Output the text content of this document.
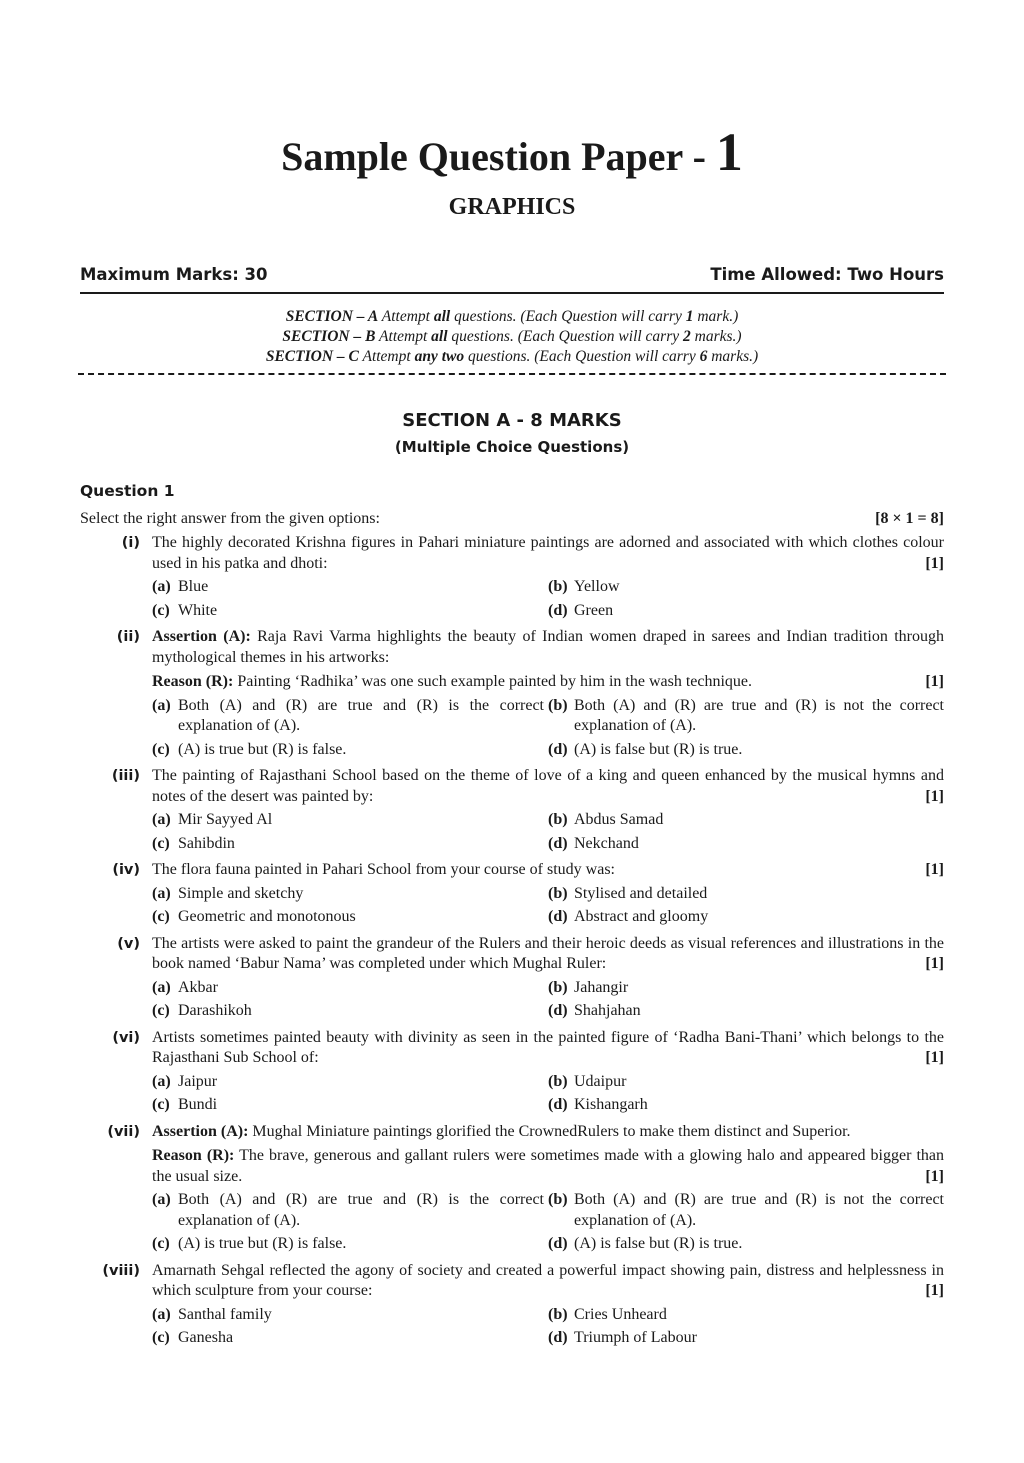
Sample Question Paper - 1
GRAPHICS
Maximum Marks: 30	Time Allowed: Two Hours
SECTION – A Attempt all questions. (Each Question will carry 1 mark.)
SECTION – B Attempt all questions. (Each Question will carry 2 marks.)
SECTION – C Attempt any two questions. (Each Question will carry 6 marks.)
SECTION A - 8 MARKS
(Multiple Choice Questions)
Question 1
Select the right answer from the given options:	[8 × 1 = 8]
(i) The highly decorated Krishna figures in Pahari miniature paintings are adorned and associated with which clothes colour used in his patka and dhoti:	[1]
(a) Blue	(b) Yellow
(c) White	(d) Green
(ii) Assertion (A): Raja Ravi Varma highlights the beauty of Indian women draped in sarees and Indian tradition through mythological themes in his artworks:
Reason (R): Painting ‘Radhika’ was one such example painted by him in the wash technique.	[1]
(a) Both (A) and (R) are true and (R) is the correct explanation of (A).
(b) Both (A) and (R) are true and (R) is not the correct explanation of (A).
(c) (A) is true but (R) is false.	(d) (A) is false but (R) is true.
(iii) The painting of Rajasthani School based on the theme of love of a king and queen enhanced by the musical hymns and notes of the desert was painted by:	[1]
(a) Mir Sayyed Al	(b) Abdus Samad
(c) Sahibdin	(d) Nekchand
(iv) The flora fauna painted in Pahari School from your course of study was:	[1]
(a) Simple and sketchy	(b) Stylised and detailed
(c) Geometric and monotonous	(d) Abstract and gloomy
(v) The artists were asked to paint the grandeur of the Rulers and their heroic deeds as visual references and illustrations in the book named ‘Babur Nama’ was completed under which Mughal Ruler:	[1]
(a) Akbar	(b) Jahangir
(c) Darashikoh	(d) Shahjahan
(vi) Artists sometimes painted beauty with divinity as seen in the painted figure of ‘Radha Bani-Thani’ which belongs to the Rajasthani Sub School of:	[1]
(a) Jaipur	(b) Udaipur
(c) Bundi	(d) Kishangarh
(vii) Assertion (A): Mughal Miniature paintings glorified the CrownedRulers to make them distinct and Superior.
Reason (R): The brave, generous and gallant rulers were sometimes made with a glowing halo and appeared bigger than the usual size.	[1]
(a) Both (A) and (R) are true and (R) is the correct explanation of (A).
(b) Both (A) and (R) are true and (R) is not the correct explanation of (A).
(c) (A) is true but (R) is false.	(d) (A) is false but (R) is true.
(viii) Amarnath Sehgal reflected the agony of society and created a powerful impact showing pain, distress and helplessness in which sculpture from your course:	[1]
(a) Santhal family	(b) Cries Unheard
(c) Ganesha	(d) Triumph of Labour
